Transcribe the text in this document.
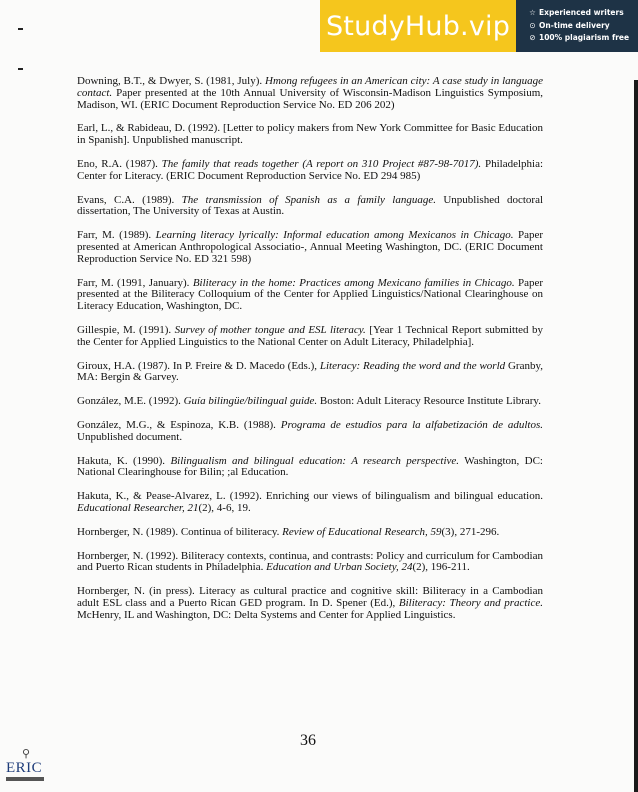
StudyHub.vip	☆ Experienced writers
⊙ On-time delivery
⊘ 100% plagiarism free

Downing, B.T., & Dwyer, S. (1981, July). Hmong refugees in an American city: A case study in language contact. Paper presented at the 10th Annual University of Wisconsin-Madison Linguistics Symposium, Madison, WI. (ERIC Document Reproduction Service No. ED 206 202)

Earl, L., & Rabideau, D. (1992). [Letter to policy makers from New York Committee for Basic Education in Spanish]. Unpublished manuscript.

Eno, R.A. (1987). The family that reads together (A report on 310 Project #87-98-7017). Philadelphia: Center for Literacy. (ERIC Document Reproduction Service No. ED 294 985)

Evans, C.A. (1989). The transmission of Spanish as a family language. Unpublished doctoral dissertation, The University of Texas at Austin.

Farr, M. (1989). Learning literacy lyrically: Informal education among Mexicanos in Chicago. Paper presented at American Anthropological Associatio-, Annual Meeting Washington, DC. (ERIC Document Reproduction Service No. ED 321 598)

Farr, M. (1991, January). Biliteracy in the home: Practices among Mexicano families in Chicago. Paper presented at the Biliteracy Colloquium of the Center for Applied Linguistics/National Clearinghouse on Literacy Education, Washington, DC.

Gillespie, M. (1991). Survey of mother tongue and ESL literacy. [Year 1 Technical Report submitted by the Center for Applied Linguistics to the National Center on Adult Literacy, Philadelphia].

Giroux, H.A. (1987). In P. Freire & D. Macedo (Eds.), Literacy: Reading the word and the world Granby, MA: Bergin & Garvey.

González, M.E. (1992). Guía bilingüe/bilingual guide. Boston: Adult Literacy Resource Institute Library.

González, M.G., & Espinoza, K.B. (1988). Programa de estudios para la alfabetización de adultos. Unpublished document.

Hakuta, K. (1990). Bilingualism and bilingual education: A research perspective. Washington, DC: National Clearinghouse for Bilin; ;al Education.

Hakuta, K., & Pease-Alvarez, L. (1992). Enriching our views of bilingualism and bilingual education. Educational Researcher, 21(2), 4-6, 19.

Hornberger, N. (1989). Continua of biliteracy. Review of Educational Research, 59(3), 271-296.

Hornberger, N. (1992). Biliteracy contexts, continua, and contrasts: Policy and curriculum for Cambodian and Puerto Rican students in Philadelphia. Education and Urban Society, 24(2), 196-211.

Hornberger, N. (in press). Literacy as cultural practice and cognitive skill: Biliteracy in a Cambodian adult ESL class and a Puerto Rican GED program. In D. Spener (Ed.), Biliteracy: Theory and practice. McHenry, IL and Washington, DC: Delta Systems and Center for Applied Linguistics.

36
⚲
ERIC
